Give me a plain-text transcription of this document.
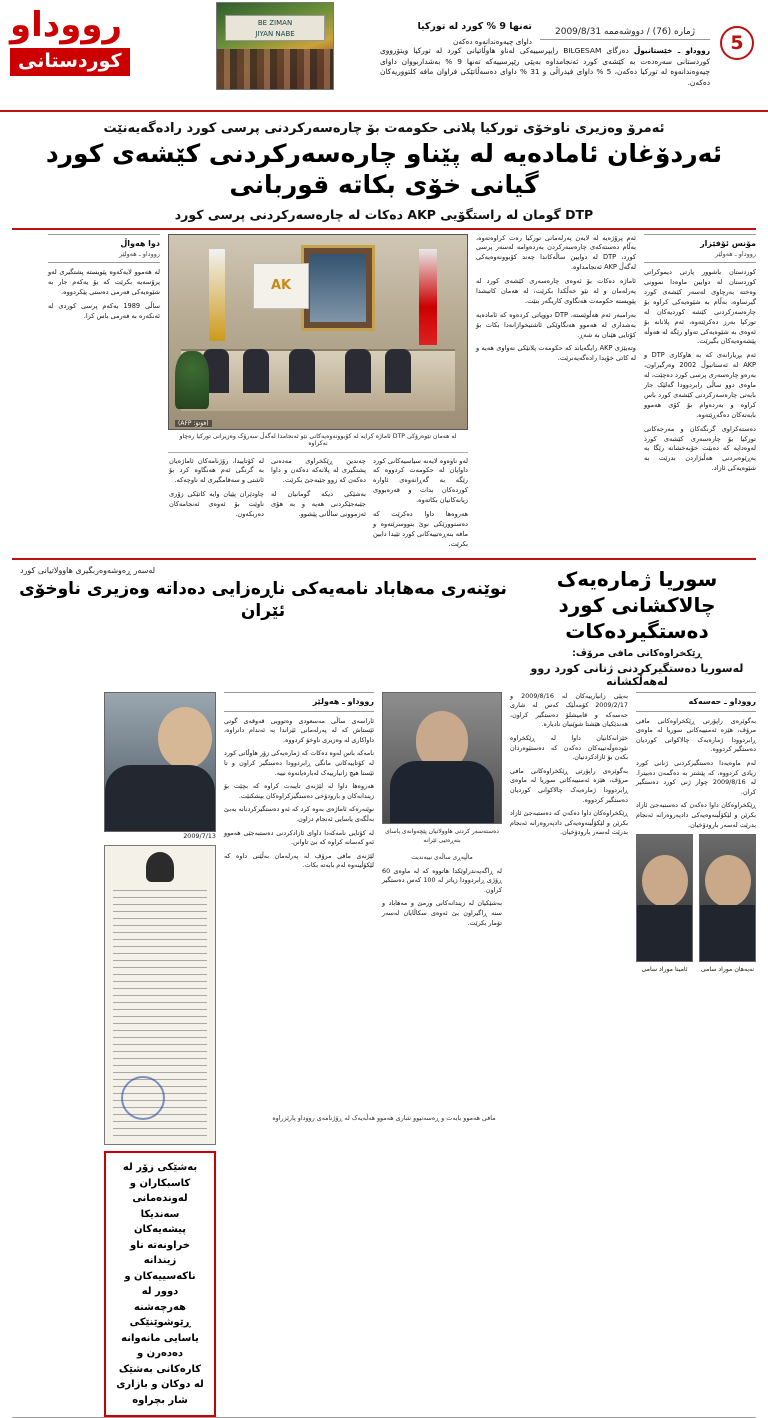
5
ژمارە (76) / دووشەممە 2009/8/31
رووداو ـ خێستانبوڵ دەزگای BILGESAM رایپرسییەکی لەناو هاوڵاتیانی کورد لە تورکیا ویتۆرووی کوردستانی سەرەدەت بە کێشەی کورد ئەنجامداوە بەپێی رێپرسییەکە تەنها 9 % بەشداربووان داوای چیەوەندانەوە لە تورکیا دەکەن، 5 % داوای فیدراڵی و 31 % داوای دەسەڵاتێکی فراوان مافە کلتووریەکان دەکەن.
BE ZIMAN
JIYAN NABE
تەنها 9 % کورد لە تورکیا
داوای چیەوەندانەوە دەکەن
رووداو
کوردستانی
ئەمرۆ وەزیری ناوخۆی تورکیا پلانی حکومەت بۆ چارەسەرکردنی پرسی کورد رادەگەیەنێت
ئەردۆغان ئامادەیە لە پێناو چارەسەرکردنی کێشەی کورد گیانی خۆی بکاتە قوربانی
DTP گومان لە راستگۆیی AKP دەکات لە چارەسەرکردنی پرسی کورد
مۆنس ئۆفێزار
رووداو ـ هەولێر

کوردستان باشوور پارتی دیموکراتی کوردستان لە دوایین ماوەدا نموونی وەختە بەرچاوی لەسەر کێشەی کورد گیرساوە، بەڵام بە شێوەیەکی کراوە بۆ چارەسەرکردنی کێشە کوردیەکان لە تورکیا بەرز دەکرێتەوە، ئەم پلانانە بۆ ئەوەی بە شێوەیەکی تەواو رێگە لە هەوڵە پێشەوەیەکان بگیرێت.

ئەم بڕیارانەی کە بە هاوکاری DTP و AKP لە ئەستانبوڵ 2002 وەرگیراون، بەرەو چارەسەری پرسی کورد دەچێت، لە ماوەی دوو ساڵی رابردوودا گەلێک جار بابەتی چارەسەرکردنی کێشەی کورد باس کراوە و بەردەوام بۆ کۆی هەموو بابەتەکان دەگەڕێتەوە.

دەستەکراوی گرنگەکان و مەرجەکانی تورکیا بۆ چارەسەری کێشەی کورد لەوەدایە کە دەبێت خۆبەخشانە رێگا بە بەڕێوەبردنی هەڵبژاردن بدرێت بە شێوەیەکی ئازاد.

ئەم پرۆژەیە لە لایەن پەرلەمانی تورکیا رەت کراوەتەوە، بەڵام دەستەکەی چارەسەرکردن بەردەوامە لەسەر پرسی کورد، DTP لە دوایین ساڵەکاندا چەند کۆبوونەوەیەکی لەگەڵ AKP ئەنجامداوە.

ئاماژە دەکات بۆ ئەوەی چارەسەری کێشەی کورد لە پەرلەمان و لە نێو خەڵکدا بکرێت، لە هەمان کاتیشدا پێویستە حکومەت هەنگاوی کاریگەر بنێت.

بەرامبەر ئەم هەڵوێستە، DTP دووپاتی کردەوە کە ئامادەیە بەشداری لە هەموو هەنگاوێکی ئاشتیخوازانەدا بکات بۆ کۆتایی هێنان بە شەڕ.

وتەبێژی AKP رایگەیاند کە حکومەت پلانێکی تەواوی هەیە و لە کاتی خۆیدا رادەگەیەنرێت.

AK
(فۆتۆ: AFP)
لە هەمان نێوەرۆکی DTP ئاماژە کرایە لە کۆبوونەوەیەکانی نێو ئەنجامدا لەگەڵ سەرۆک وەزیرانی تورکیا رەچاو نەکراوە

لەو ناوەوە لایەنە سیاسیەکانی کورد داوایان لە حکومەت کردووە کە رێگە بە گەڕانەوەی ئاوارە کوردەکان بدات و قەرەبووی زیانەکانیان بکاتەوە.

هەروەها داوا دەکرێت کە دەستوورێکی نوێ بنووسرێتەوە و مافە بنەڕەتییەکانی کورد تێیدا دابین بکرێت.

چەندین ڕێکخراوی مەدەنی پشتگیری لە پلانەکە دەکەن و داوا دەکەن کە زوو جێبەجێ بکرێت.

بەشێکی دیکە گومانیان لە جێبەجێکردنی هەیە و بە هۆی ئەزموونی ساڵانی پێشوو.

لە کۆتاییدا، رۆژنامەکان ئاماژەیان بە گرنگی ئەم هەنگاوە کرد بۆ ئاشتی و سەقامگیری لە ناوچەکە.

چاودێران پێیان وایە کاتێکی زۆری ناوێت بۆ ئەوەی ئەنجامەکان دەربکەون.

دوا هەواڵ
رووداو ـ هەولێر

لە هەموو لایەکەوە پێویستە پشتگیری لەو پرۆسەیە بکرێت کە بۆ یەکەم جار بە شێوەیەکی فەرمی دەستی پێکردووە.

ساڵی 1989 یەکەم پرسی کوردی لە ئەنکەرە بە فەرمی باس کرا.

سوریا ژمارەیەک چالاکشانی کورد دەستگیردەکات
ڕێکخراوەکانی مافی مرۆڤ:
لەسوریا دەستگیرکردنی ژنانی کورد روو لەهەڵکشانە
لەسەر ڕەوشەوەربگیری هاوولاتیانی کورد
نوێنەری مەهاباد نامەیەکی ناڕەزایی دەداتە وەزیری ناوخۆی ئێران
رووداو ـ حەسەکە

بەگوێرەی راپۆرتی ڕێکخراوەکانی مافی مرۆڤ، هێزە ئەمنییەکانی سوریا لە ماوەی ڕابردوودا ژمارەیەک چالاکوانی کوردیان دەستگیر کردووە.

لەم ماوەیەدا دەستگیرکردنی ژنانی کورد زیادی کردووە، کە پێشتر بە دەگمەن دەبینرا. لە 2009/8/16 چوار ژنی کورد دەستگیر کران.

ڕێکخراوەکان داوا دەکەن کە دەستبەجێ ئازاد بکرێن و لێکۆڵینەوەیەکی دادپەروەرانە ئەنجام بدرێت لەسەر بارودۆخیان.

نەبەهان موراد سامی
ئامینا موراد سامی

بەپێی زانیارییەکان لە 2009/8/16 و 2009/2/17 کۆمەڵێک کەس لە شاری حەسەکە و قامیشلۆ دەستگیر کراون، هەندێکیان هێشتا شوێنیان نادیارە.

خێزانەکانیان داوا لە ڕێکخراوە نێودەوڵەتییەکان دەکەن کە دەستێوەردان بکەن بۆ ئازادکردنیان.

بەگوێرەی راپۆرتی ڕێکخراوەکانی مافی مرۆڤ، هێزە ئەمنییەکانی سوریا لە ماوەی ڕابردوودا ژمارەیەک چالاکوانی کوردیان دەستگیر کردووە.

ڕێکخراوەکان داوا دەکەن کە دەستبەجێ ئازاد بکرێن و لێکۆڵینەوەیەکی دادپەروەرانە ئەنجام بدرێت لەسەر بارودۆخیان.

دەستەسەر کردنی هاوولاتیان پێچەوانەی یاسای بنەڕەتیی ئێرانە
ماڵپەڕی ساڵەی نییەندیت

لە ڕاگەیەندراوێکدا هاتووە کە لە ماوەی 60 ڕۆژی ڕابردوودا زیاتر لە 100 کەس دەستگیر کراون.

بەشێکیان لە زیندانەکانی ورمێ و مەهاباد و سنە ڕاگیراون بێ ئەوەی سکاڵایان لەسەر تۆمار بکرێت.

رووداو ـ هەولێر

ئاراسەی ساڵی مەسعودی وەتوویی قەوقەی گوتی ئێستاش کە لە پەرلەمانی ئێراندا بە ئەندام دانراوە، داواکاری لە وەزیری ناوخۆ کردووە.

نامەکە باس لەوە دەکات کە ژمارەیەکی زۆر هاوڵاتی کورد لە کۆتاییەکانی مانگی ڕابردوودا دەستگیر کراون و تا ئێستا هیچ زانیارییەک لەبارەیانەوە نییە.

هەروەها داوا لە لێژنەی تایبەت کراوە کە بچێت بۆ زیندانەکان و بارودۆخی دەستگیرکراوەکان بپشکنێت.

نوێنەرەکە ئاماژەی بەوە کرد کە ئەو دەستگیرکردنانە بەبێ بەڵگەی یاسایی ئەنجام دراون.

لە کۆتایی نامەکەدا داوای ئازادکردنی دەستبەجێی هەموو ئەو کەسانە کراوە کە بێ تاوانن.

لێژنەی مافی مرۆڤ لە پەرلەمان بەڵێنی داوە کە لێکۆڵینەوە لەم بابەتە بکات.

2009/7/13

بەشێکی زۆر لە کاسبکاران و لەوندەمانی سەندیکا پیشەیەکان خراونەتە ناو زیندانە ناکەسییەکان و دوور لە هەرچەشنە ڕێوشوێنێکی یاسایی مانەوانە دەدەرن و کارەکانی بەشێک لە دوکان و بازاری شار بچراوە
مافی هەموو بابەت و ڕەسەنیوو شاری هەموو هەڵەیەک لە ڕۆژنامەی رووداو پارێزراوە
